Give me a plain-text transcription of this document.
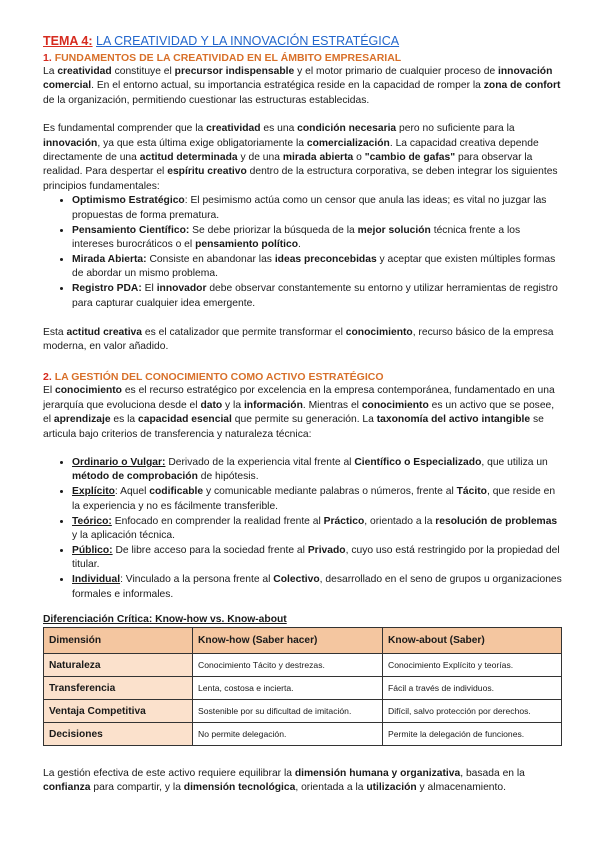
TEMA 4: LA CREATIVIDAD Y LA INNOVACIÓN ESTRATÉGICA
1. FUNDAMENTOS DE LA CREATIVIDAD EN EL ÁMBITO EMPRESARIAL

La creatividad constituye el precursor indispensable y el motor primario de cualquier proceso de innovación comercial. En el entorno actual, su importancia estratégica reside en la capacidad de romper la zona de confort de la organización, permitiendo cuestionar las estructuras establecidas.

Es fundamental comprender que la creatividad es una condición necesaria pero no suficiente para la innovación, ya que esta última exige obligatoriamente la comercialización. La capacidad creativa depende directamente de una actitud determinada y de una mirada abierta o "cambio de gafas" para observar la realidad. Para despertar el espíritu creativo dentro de la estructura corporativa, se deben integrar los siguientes principios fundamentales:

• Optimismo Estratégico: El pesimismo actúa como un censor que anula las ideas; es vital no juzgar las propuestas de forma prematura.
• Pensamiento Científico: Se debe priorizar la búsqueda de la mejor solución técnica frente a los intereses burocráticos o el pensamiento político.
• Mirada Abierta: Consiste en abandonar las ideas preconcebidas y aceptar que existen múltiples formas de abordar un mismo problema.
• Registro PDA: El innovador debe observar constantemente su entorno y utilizar herramientas de registro para capturar cualquier idea emergente.

Esta actitud creativa es el catalizador que permite transformar el conocimiento, recurso básico de la empresa moderna, en valor añadido.

2. LA GESTIÓN DEL CONOCIMIENTO COMO ACTIVO ESTRATÉGICO

El conocimiento es el recurso estratégico por excelencia en la empresa contemporánea, fundamentado en una jerarquía que evoluciona desde el dato y la información. Mientras el conocimiento es un activo que se posee, el aprendizaje es la capacidad esencial que permite su generación. La taxonomía del activo intangible se articula bajo criterios de transferencia y naturaleza técnica:

• Ordinario o Vulgar: Derivado de la experiencia vital frente al Científico o Especializado, que utiliza un método de comprobación de hipótesis.
• Explícito: Aquel codificable y comunicable mediante palabras o números, frente al Tácito, que reside en la experiencia y no es fácilmente transferible.
• Teórico: Enfocado en comprender la realidad frente al Práctico, orientado a la resolución de problemas y la aplicación técnica.
• Público: De libre acceso para la sociedad frente al Privado, cuyo uso está restringido por la propiedad del titular.
• Individual: Vinculado a la persona frente al Colectivo, desarrollado en el seno de grupos u organizaciones formales e informales.
Diferenciación Crítica: Know-how vs. Know-about
Dimensión	Know-how (Saber hacer)	Know-about (Saber)
Naturaleza	Conocimiento Tácito y destrezas.	Conocimiento Explícito y teorías.
Transferencia	Lenta, costosa e incierta.	Fácil a través de individuos.
Ventaja Competitiva	Sostenible por su dificultad de imitación.	Difícil, salvo protección por derechos.
Decisiones	No permite delegación.	Permite la delegación de funciones.

La gestión efectiva de este activo requiere equilibrar la dimensión humana y organizativa, basada en la confianza para compartir, y la dimensión tecnológica, orientada a la utilización y almacenamiento.
